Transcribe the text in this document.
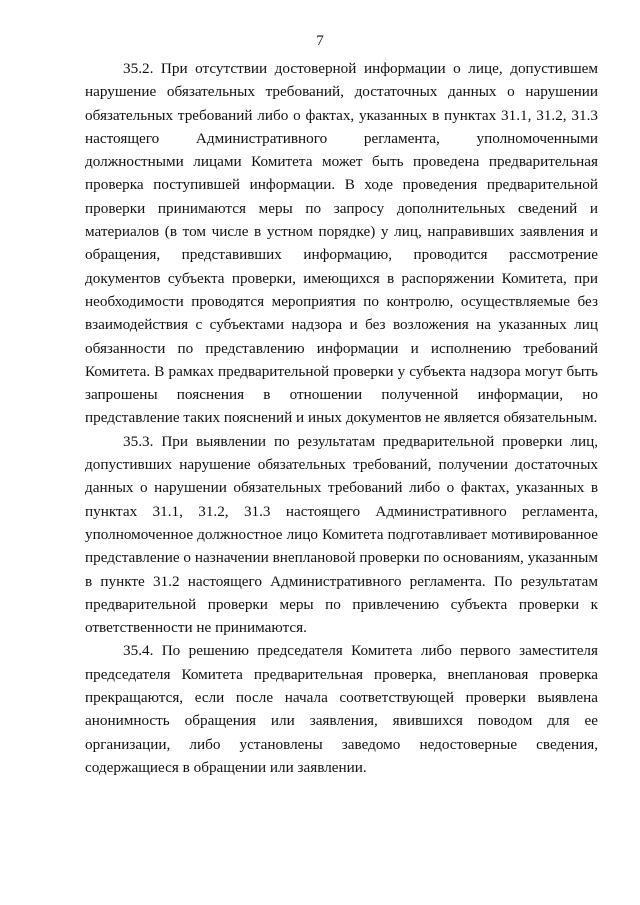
7

35.2. При отсутствии достоверной информации о лице, допустившем нарушение обязательных требований, достаточных данных о нарушении обязательных требований либо о фактах, указанных в пунктах 31.1, 31.2, 31.3 настоящего Административного регламента, уполномоченными должностными лицами Комитета может быть проведена предварительная проверка поступившей информации. В ходе проведения предварительной проверки принимаются меры по запросу дополнительных сведений и материалов (в том числе в устном порядке) у лиц, направивших заявления и обращения, представивших информацию, проводится рассмотрение документов субъекта проверки, имеющихся в распоряжении Комитета, при необходимости проводятся мероприятия по контролю, осуществляемые без взаимодействия с субъектами надзора и без возложения на указанных лиц обязанности по представлению информации и исполнению требований Комитета. В рамках предварительной проверки у субъекта надзора могут быть запрошены пояснения в отношении полученной информации, но представление таких пояснений и иных документов не является обязательным.

35.3. При выявлении по результатам предварительной проверки лиц, допустивших нарушение обязательных требований, получении достаточных данных о нарушении обязательных требований либо о фактах, указанных в пунктах 31.1, 31.2, 31.3 настоящего Административного регламента, уполномоченное должностное лицо Комитета подготавливает мотивированное представление о назначении внеплановой проверки по основаниям, указанным в пункте 31.2 настоящего Административного регламента. По результатам предварительной проверки меры по привлечению субъекта проверки к ответственности не принимаются.

35.4. По решению председателя Комитета либо первого заместителя председателя Комитета предварительная проверка, внеплановая проверка прекращаются, если после начала соответствующей проверки выявлена анонимность обращения или заявления, явившихся поводом для ее организации, либо установлены заведомо недостоверные сведения, содержащиеся в обращении или заявлении.
